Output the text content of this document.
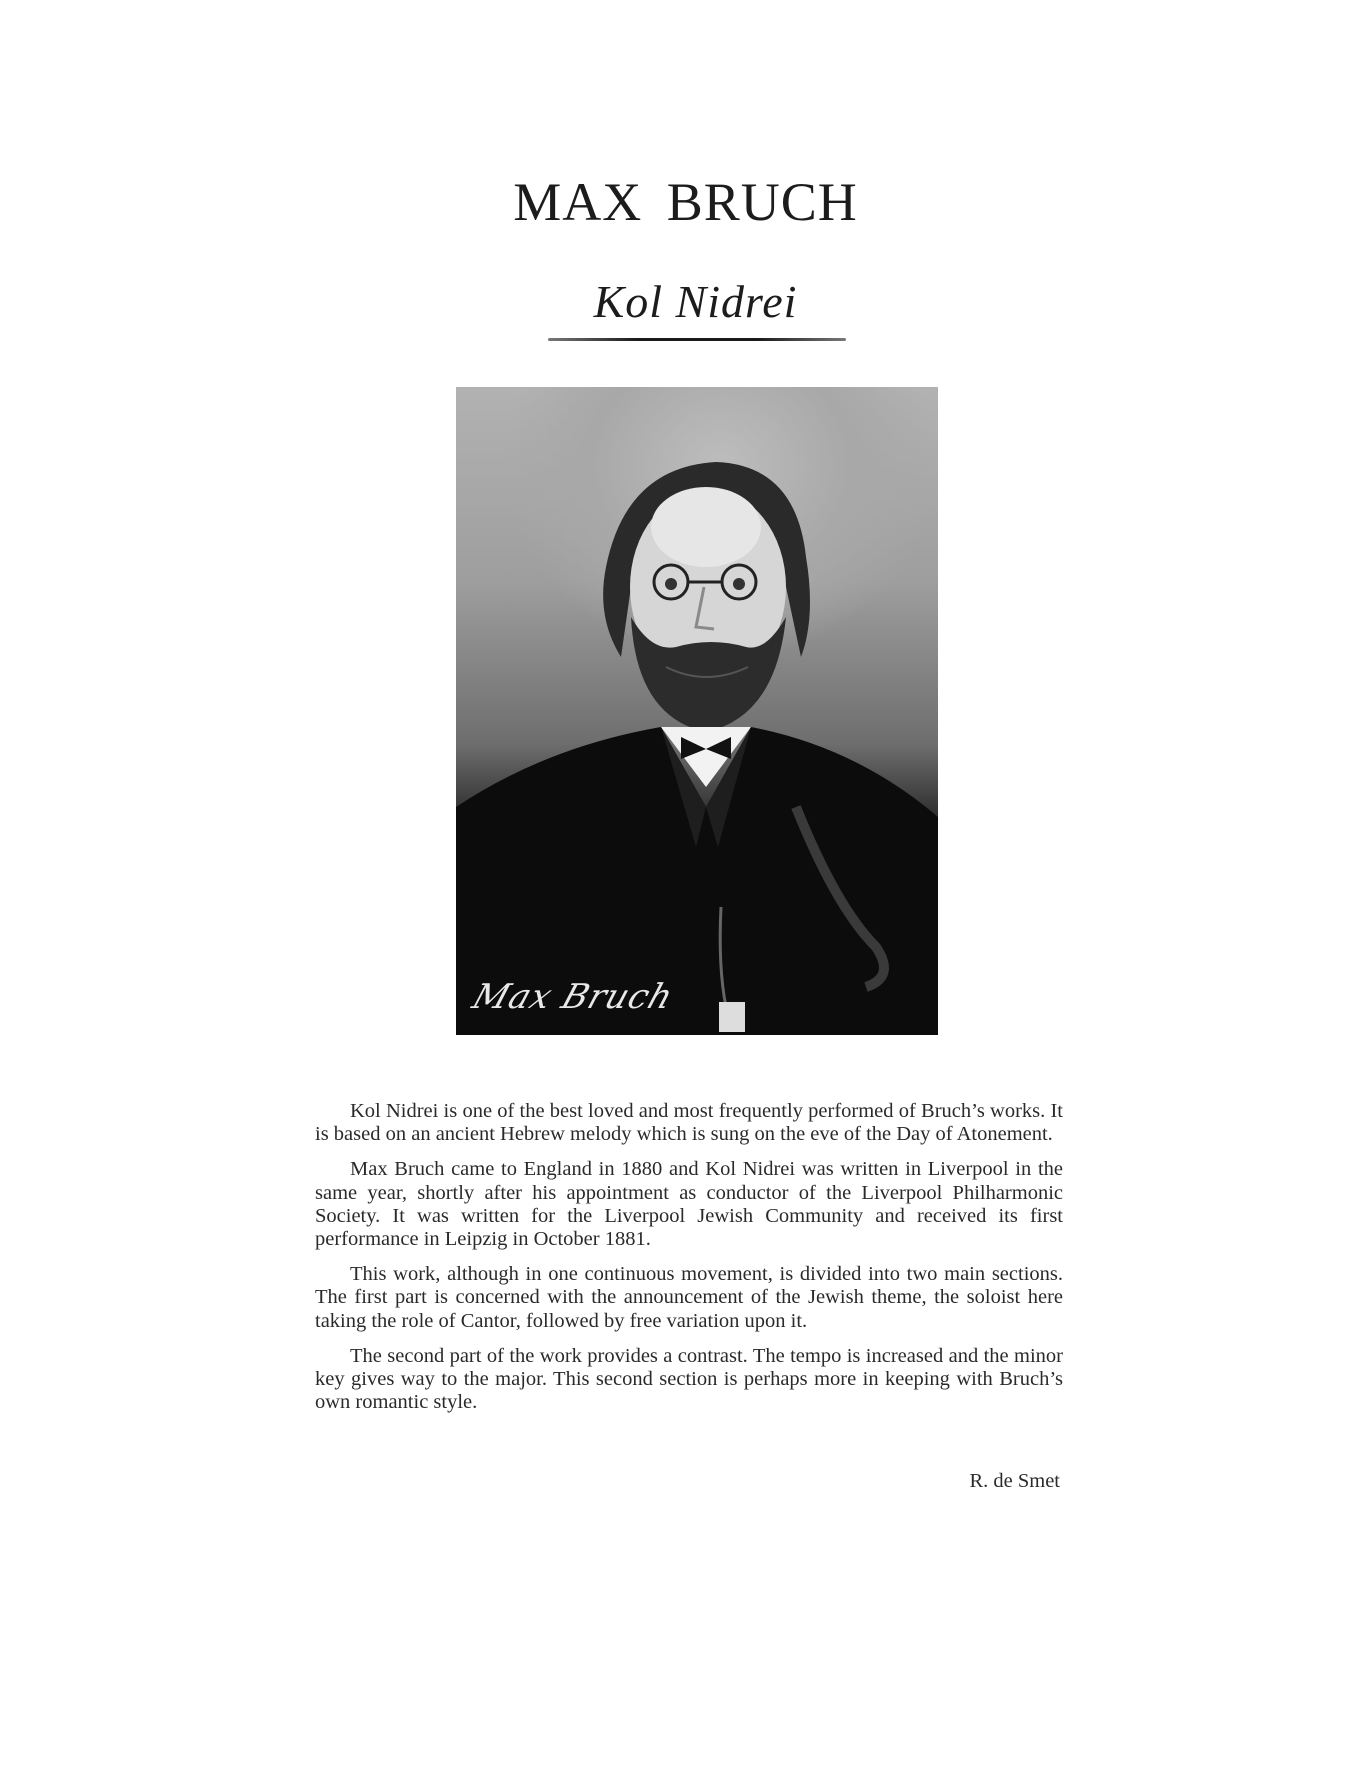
MAX BRUCH
Kol Nidrei
Max Bruch

Kol Nidrei is one of the best loved and most frequently performed of Bruch’s works. It is based on an ancient Hebrew melody which is sung on the eve of the Day of Atonement.

Max Bruch came to England in 1880 and Kol Nidrei was written in Liverpool in the same year, shortly after his appointment as conductor of the Liverpool Philharmonic Society. It was written for the Liverpool Jewish Community and received its first performance in Leipzig in October 1881.

This work, although in one continuous movement, is divided into two main sections. The first part is concerned with the announcement of the Jewish theme, the soloist here taking the role of Cantor, followed by free variation upon it.

The second part of the work provides a contrast. The tempo is increased and the minor key gives way to the major. This second section is perhaps more in keeping with Bruch’s own romantic style.

R. de Smet
